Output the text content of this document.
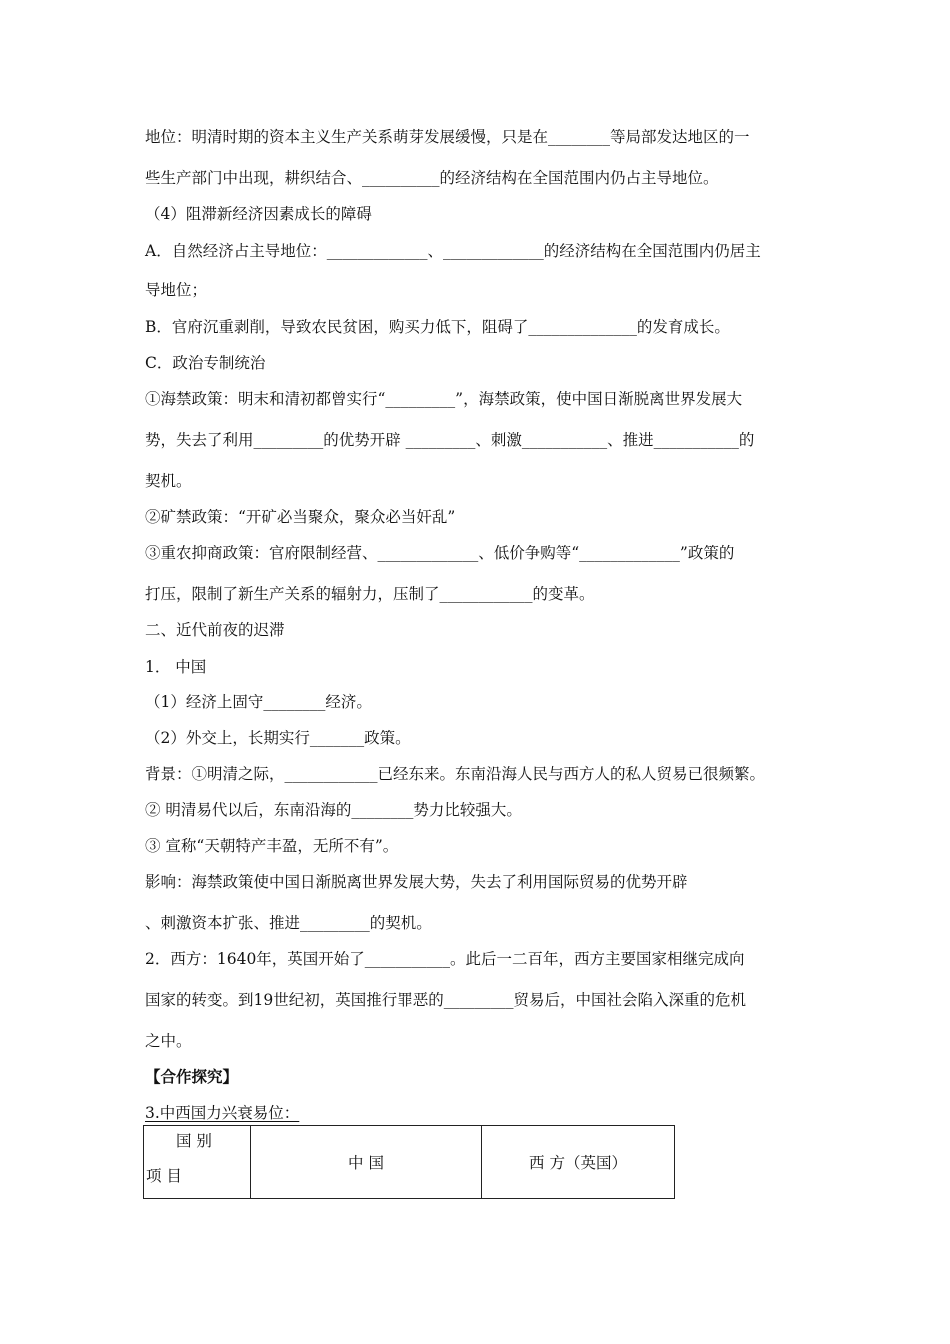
地位：明清时期的资本主义生产关系萌芽发展缓慢，只是在________等局部发达地区的一
些生产部门中出现，耕织结合、__________的经济结构在全国范围内仍占主导地位。
（4）阻滞新经济因素成长的障碍
A．自然经济占主导地位：_____________、_____________的经济结构在全国范围内仍居主
导地位；
B．官府沉重剥削，导致农民贫困，购买力低下，阻碍了______________的发育成长。
C．政治专制统治
①海禁政策：明末和清初都曾实行“_________”，海禁政策，使中国日渐脱离世界发展大
势，失去了利用_________的优势开辟 _________、刺激___________、推进___________的
契机。
②矿禁政策：“开矿必当聚众，聚众必当奸乱”
③重农抑商政策：官府限制经营、_____________、低价争购等“_____________”政策的
打压，限制了新生产关系的辐射力，压制了____________的变革。
二、近代前夜的迟滞
1． 中国
（1）经济上固守________经济。
（2）外交上，长期实行_______政策。
背景：①明清之际，____________已经东来。东南沿海人民与西方人的私人贸易已很频繁。
② 明清易代以后，东南沿海的________势力比较强大。
③ 宣称“天朝特产丰盈，无所不有”。
影响：海禁政策使中国日渐脱离世界发展大势，失去了利用国际贸易的优势开辟
、刺激资本扩张、推进_________的契机。
2．西方：1640年，英国开始了___________。此后一二百年，西方主要国家相继完成向
国家的转变。到19世纪初，英国推行罪恶的_________贸易后，中国社会陷入深重的危机
之中。
【合作探究】
3.中西国力兴衰易位：
国 别
项 目
	中 国	西 方（英国）
